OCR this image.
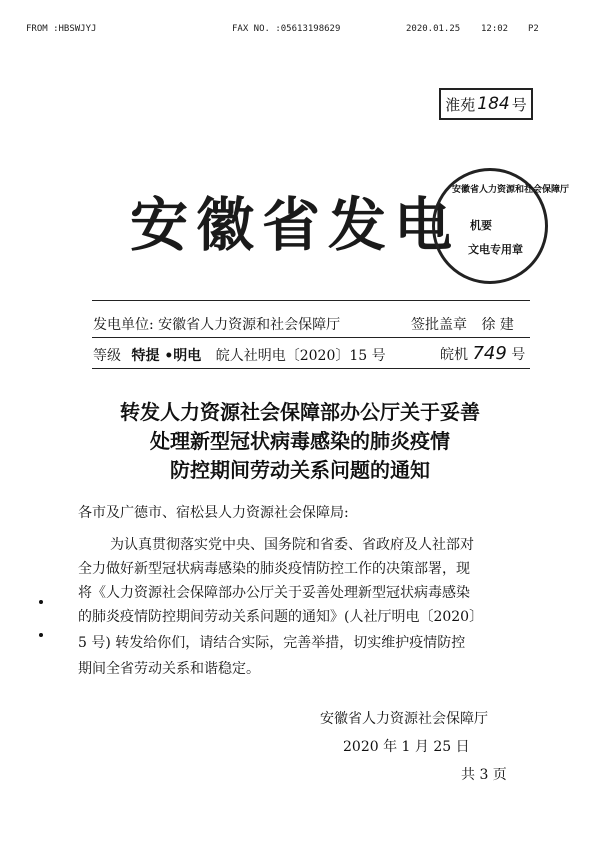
FROM :HBSWJYJ	FAX NO. :05613198629	2020.01.25 12:02 P2
淮苑 184 号
安徽省发电
安徽省人力资源和社会保障厅
机要
文电专用章
发电单位: 安徽省人力资源和社会保障厅	签批盖章 徐 建
等级 特提 •明电 皖人社明电〔2020〕15 号	皖机 749 号
转发人力资源社会保障部办公厅关于妥善
处理新型冠状病毒感染的肺炎疫情
防控期间劳动关系问题的通知
各市及广德市、宿松县人力资源社会保障局:
为认真贯彻落实党中央、国务院和省委、省政府及人社部对
全力做好新型冠状病毒感染的肺炎疫情防控工作的决策部署，现
将《人力资源社会保障部办公厅关于妥善处理新型冠状病毒感染
的肺炎疫情防控期间劳动关系问题的通知》(人社厅明电〔2020〕
5 号) 转发给你们，请结合实际，完善举措，切实维护疫情防控
期间全省劳动关系和谐稳定。
安徽省人力资源社会保障厅
2020 年 1 月 25 日
共 3 页
